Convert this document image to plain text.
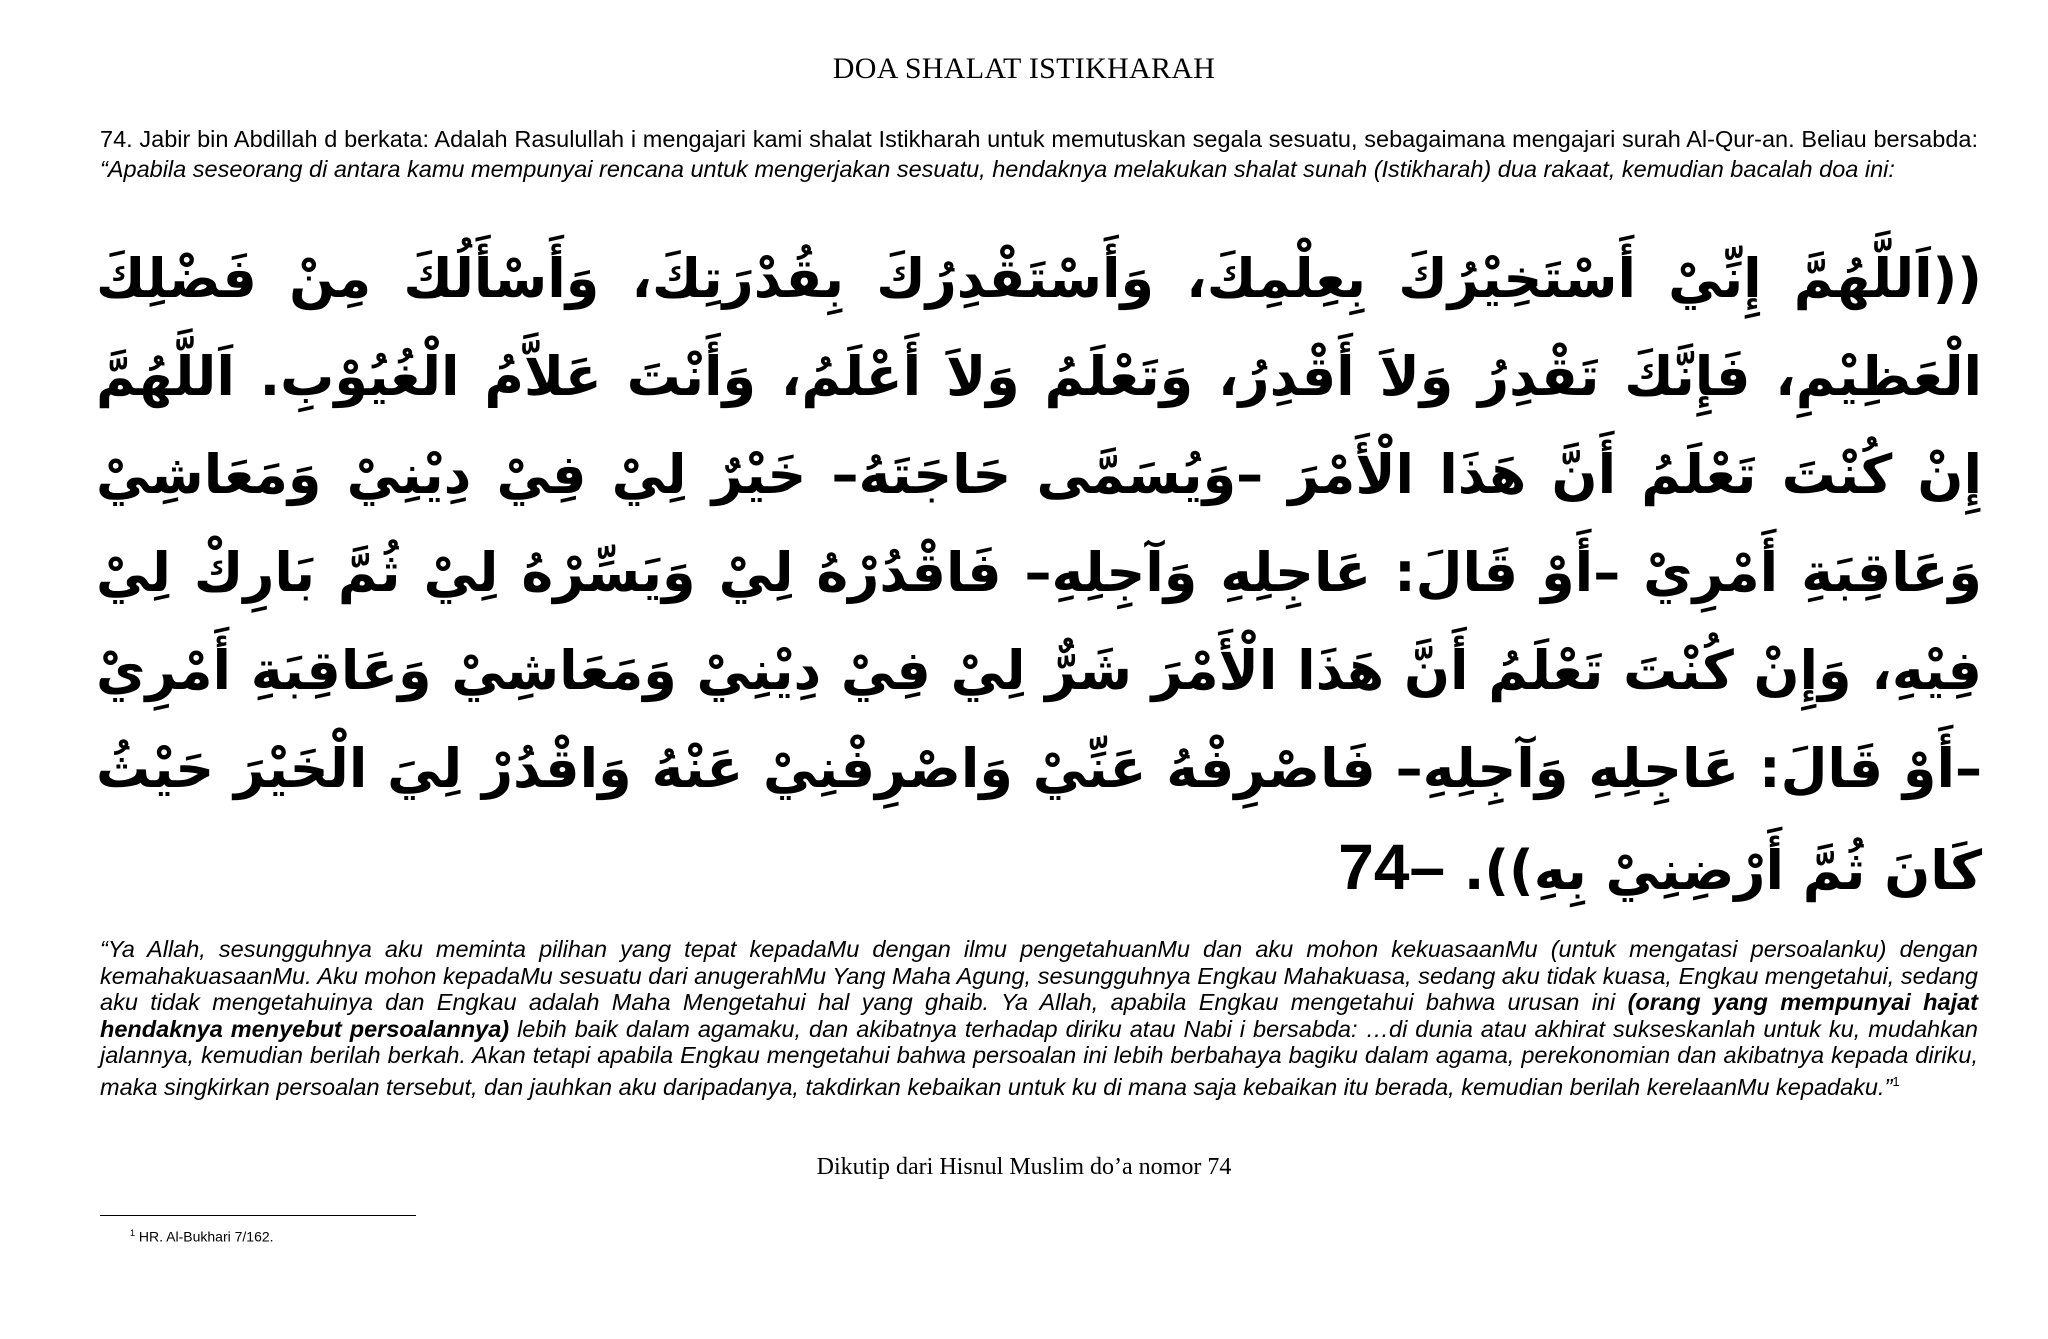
DOA SHALAT ISTIKHARAH
74. Jabir bin Abdillah d berkata: Adalah Rasulullah i mengajari kami shalat Istikharah untuk memutuskan segala sesuatu, sebagaimana mengajari surah Al-Qur-an. Beliau bersabda: “Apabila seseorang di antara kamu mempunyai rencana untuk mengerjakan sesuatu, hendaknya melakukan shalat sunah (Istikharah) dua rakaat, kemudian bacalah doa ini:
((اَللَّهُمَّ إِنِّيْ أَسْتَخِيْرُكَ بِعِلْمِكَ، وَأَسْتَقْدِرُكَ بِقُدْرَتِكَ، وَأَسْأَلُكَ مِنْ فَضْلِكَ الْعَظِيْمِ، فَإِنَّكَ تَقْدِرُ وَلاَ أَقْدِرُ، وَتَعْلَمُ وَلاَ أَعْلَمُ، وَأَنْتَ عَلاَّمُ الْغُيُوْبِ. اَللَّهُمَّ إِنْ كُنْتَ تَعْلَمُ أَنَّ هَذَا الْأَمْرَ –وَيُسَمَّى حَاجَتَهُ– خَيْرٌ لِيْ فِيْ دِيْنِيْ وَمَعَاشِيْ وَعَاقِبَةِ أَمْرِيْ –أَوْ قَالَ: عَاجِلِهِ وَآجِلِهِ– فَاقْدُرْهُ لِيْ وَيَسِّرْهُ لِيْ ثُمَّ بَارِكْ لِيْ فِيْهِ، وَإِنْ كُنْتَ تَعْلَمُ أَنَّ هَذَا الْأَمْرَ شَرٌّ لِيْ فِيْ دِيْنِيْ وَمَعَاشِيْ وَعَاقِبَةِ أَمْرِيْ –أَوْ قَالَ: عَاجِلِهِ وَآجِلِهِ– فَاصْرِفْهُ عَنِّيْ وَاصْرِفْنِيْ عَنْهُ وَاقْدُرْ لِيَ الْخَيْرَ حَيْثُ كَانَ ثُمَّ أَرْضِنِيْ بِهِ)). 74–
“Ya Allah, sesungguhnya aku meminta pilihan yang tepat kepadaMu dengan ilmu pengetahuanMu dan aku mohon kekuasaanMu (untuk mengatasi persoalanku) dengan kemahakuasaanMu. Aku mohon kepadaMu sesuatu dari anugerahMu Yang Maha Agung, sesungguhnya Engkau Mahakuasa, sedang aku tidak kuasa, Engkau mengetahui, sedang aku tidak mengetahuinya dan Engkau adalah Maha Mengetahui hal yang ghaib. Ya Allah, apabila Engkau mengetahui bahwa urusan ini (orang yang mempunyai hajat hendaknya menyebut persoalannya) lebih baik dalam agamaku, dan akibatnya terhadap diriku atau Nabi i bersabda: …di dunia atau akhirat sukseskanlah untuk ku, mudahkan jalannya, kemudian berilah berkah. Akan tetapi apabila Engkau mengetahui bahwa persoalan ini lebih berbahaya bagiku dalam agama, perekonomian dan akibatnya kepada diriku, maka singkirkan persoalan tersebut, dan jauhkan aku daripadanya, takdirkan kebaikan untuk ku di mana saja kebaikan itu berada, kemudian berilah kerelaanMu kepadaku.”$^1$
Dikutip dari Hisnul Muslim do’a nomor 74
$^1$ HR. Al-Bukhari 7/162.
